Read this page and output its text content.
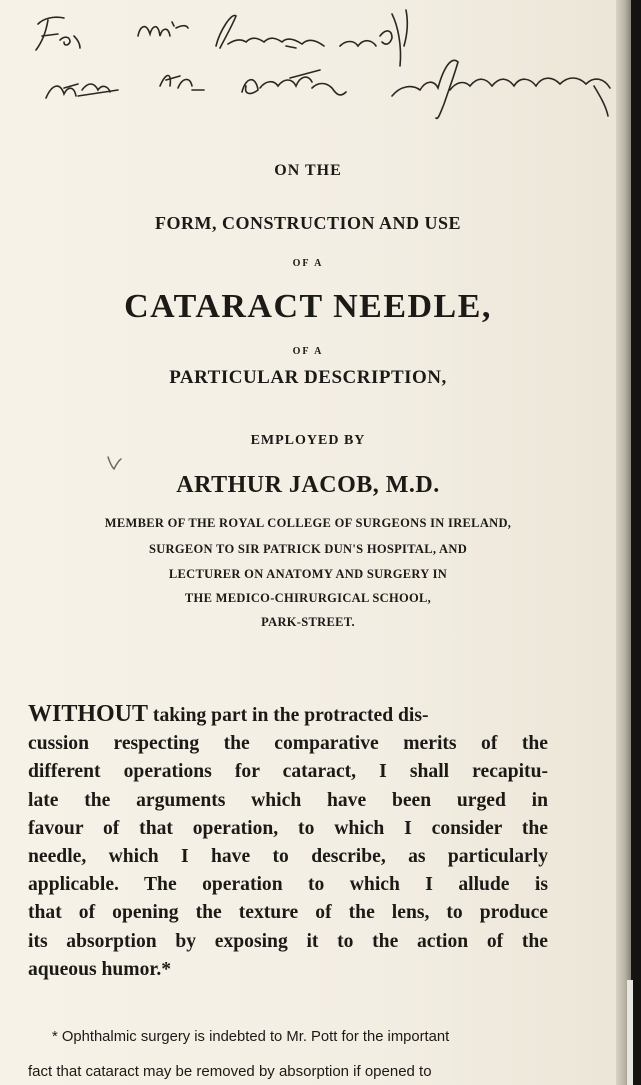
ON THE
FORM, CONSTRUCTION AND USE
OF A
CATARACT NEEDLE,
OF A
PARTICULAR DESCRIPTION,
EMPLOYED BY
ARTHUR JACOB, M.D.
MEMBER OF THE ROYAL COLLEGE OF SURGEONS IN IRELAND,
SURGEON TO SIR PATRICK DUN'S HOSPITAL, AND
LECTURER ON ANATOMY AND SURGERY IN
THE MEDICO-CHIRURGICAL SCHOOL,
PARK-STREET.
WITHOUT taking part in the protracted dis-
cussion respecting the comparative merits of the
different operations for cataract, I shall recapitu-
late the arguments which have been urged in
favour of that operation, to which I consider the
needle, which I have to describe, as particularly
applicable. The operation to which I allude is
that of opening the texture of the lens, to produce
its absorption by exposing it to the action of the
aqueous humor.*
* Ophthalmic surgery is indebted to Mr. Pott for the important
fact that cataract may be removed by absorption if opened to
